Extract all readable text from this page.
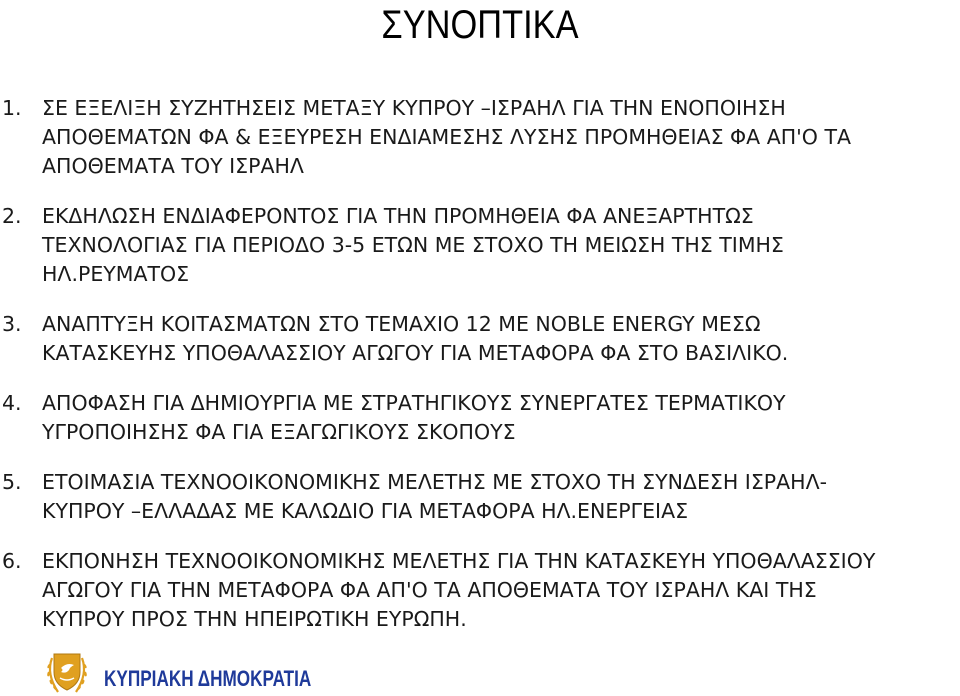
ΣΥΝΟΠΤΙΚΑ
1. ΣΕ ΕΞΕΛΙΞΗ ΣΥΖΗΤΗΣΕΙΣ ΜΕΤΑΞΥ ΚΥΠΡΟΥ –ΙΣΡΑΗΛ ΓΙΑ ΤΗΝ ΕΝΟΠΟΙΗΣΗ
ΑΠΟΘΕΜΑΤΩΝ ΦΑ & ΕΞΕΥΡΕΣΗ ΕΝΔΙΑΜΕΣΗΣ ΛΥΣΗΣ ΠΡΟΜΗΘΕΙΑΣ ΦΑ ΑΠ'Ο ΤΑ
ΑΠΟΘΕΜΑΤΑ ΤΟΥ ΙΣΡΑΗΛ
2. ΕΚΔΗΛΩΣΗ ΕΝΔΙΑΦΕΡΟΝΤΟΣ ΓΙΑ ΤΗΝ ΠΡΟΜΗΘΕΙΑ ΦΑ ΑΝΕΞΑΡΤΗΤΩΣ
ΤΕΧΝΟΛΟΓΙΑΣ ΓΙΑ ΠΕΡΙΟΔΟ 3-5 ΕΤΩΝ ΜΕ ΣΤΟΧΟ ΤΗ ΜΕΙΩΣΗ ΤΗΣ ΤΙΜΗΣ
ΗΛ.ΡΕΥΜΑΤΟΣ
3. ΑΝΑΠΤΥΞΗ ΚΟΙΤΑΣΜΑΤΩΝ ΣΤΟ ΤΕΜΑΧΙΟ 12 ΜΕ NOBLE ENERGY ΜΕΣΩ
ΚΑΤΑΣΚΕΥΗΣ ΥΠΟΘΑΛΑΣΣΙΟΥ ΑΓΩΓΟΥ ΓΙΑ ΜΕΤΑΦΟΡΑ ΦΑ ΣΤΟ ΒΑΣΙΛΙΚΟ.
4. ΑΠΟΦΑΣΗ ΓΙΑ ΔΗΜΙΟΥΡΓΙΑ ΜΕ ΣΤΡΑΤΗΓΙΚΟΥΣ ΣΥΝΕΡΓΑΤΕΣ ΤΕΡΜΑΤΙΚΟΥ
ΥΓΡΟΠΟΙΗΣΗΣ ΦΑ ΓΙΑ ΕΞΑΓΩΓΙΚΟΥΣ ΣΚΟΠΟΥΣ
5. ΕΤΟΙΜΑΣΙΑ ΤΕΧΝΟΟΙΚΟΝΟΜΙΚΗΣ ΜΕΛΕΤΗΣ ΜΕ ΣΤΟΧΟ ΤΗ ΣΥΝΔΕΣΗ ΙΣΡΑΗΛ-
ΚΥΠΡΟΥ –ΕΛΛΑΔΑΣ ΜΕ ΚΑΛΩΔΙΟ ΓΙΑ ΜΕΤΑΦΟΡΑ ΗΛ.ΕΝΕΡΓΕΙΑΣ
6. ΕΚΠΟΝΗΣΗ ΤΕΧΝΟΟΙΚΟΝΟΜΙΚΗΣ ΜΕΛΕΤΗΣ ΓΙΑ ΤΗΝ ΚΑΤΑΣΚΕΥΗ ΥΠΟΘΑΛΑΣΣΙΟΥ
ΑΓΩΓΟΥ ΓΙΑ ΤΗΝ ΜΕΤΑΦΟΡΑ ΦΑ ΑΠ'Ο ΤΑ ΑΠΟΘΕΜΑΤΑ ΤΟΥ ΙΣΡΑΗΛ ΚΑΙ ΤΗΣ
ΚΥΠΡΟΥ ΠΡΟΣ ΤΗΝ ΗΠΕΙΡΩΤΙΚΗ ΕΥΡΩΠΗ.
ΚΥΠΡΙΑΚΗ ΔΗΜΟΚΡΑΤΙΑ
